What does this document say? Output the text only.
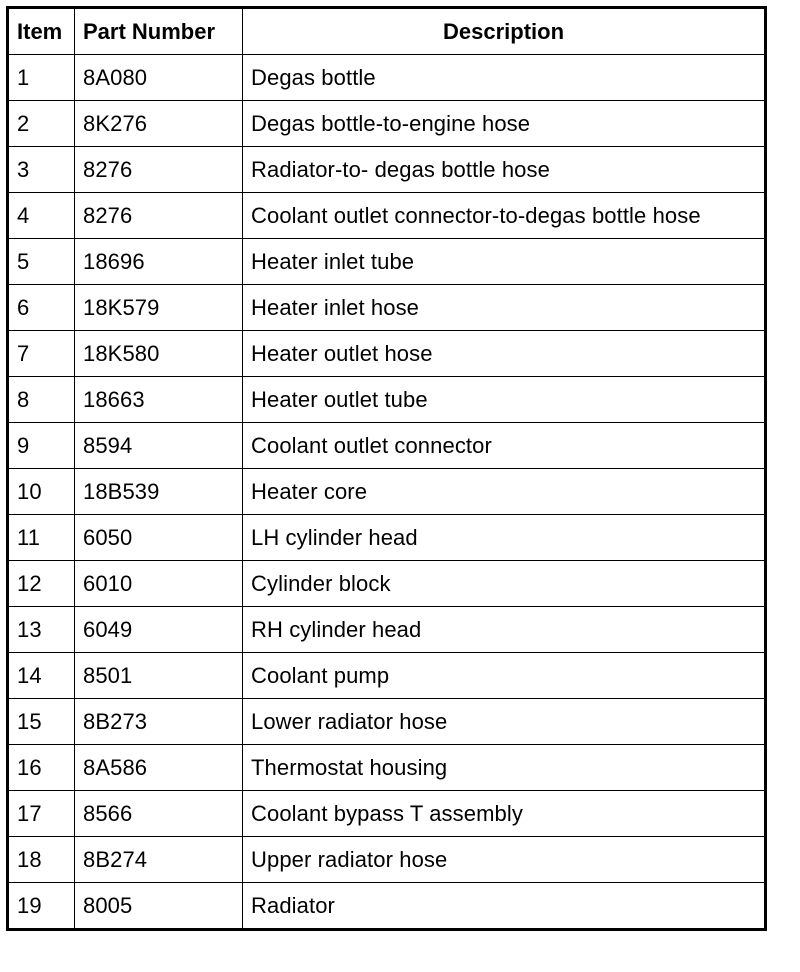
Item	Part Number	Description
1	8A080	Degas bottle
2	8K276	Degas bottle-to-engine hose
3	8276	Radiator-to- degas bottle hose
4	8276	Coolant outlet connector-to-degas bottle hose
5	18696	Heater inlet tube
6	18K579	Heater inlet hose
7	18K580	Heater outlet hose
8	18663	Heater outlet tube
9	8594	Coolant outlet connector
10	18B539	Heater core
11	6050	LH cylinder head
12	6010	Cylinder block
13	6049	RH cylinder head
14	8501	Coolant pump
15	8B273	Lower radiator hose
16	8A586	Thermostat housing
17	8566	Coolant bypass T assembly
18	8B274	Upper radiator hose
19	8005	Radiator
